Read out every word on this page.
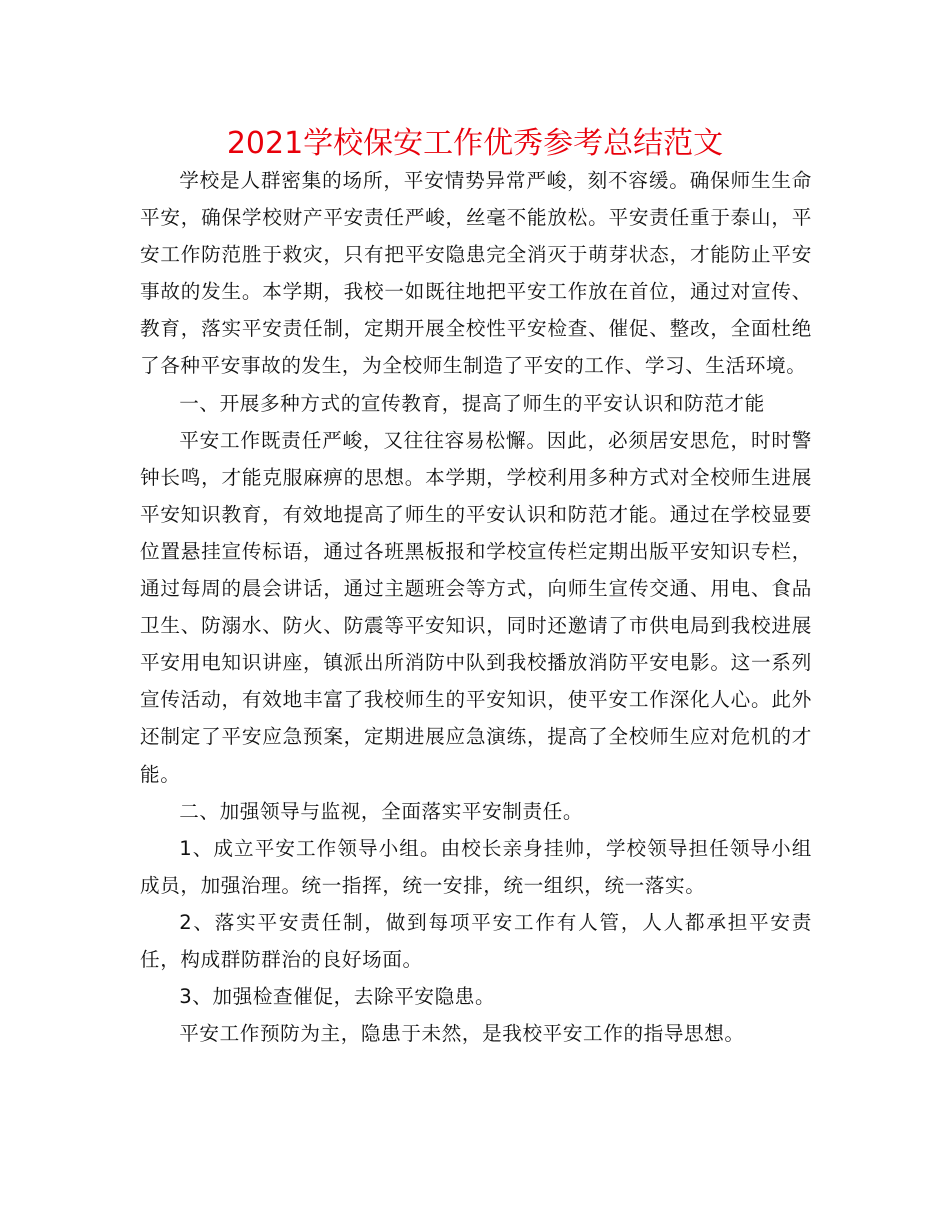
2021学校保安工作优秀参考总结范文

学校是人群密集的场所，平安情势异常严峻，刻不容缓。确保师生生命平安，确保学校财产平安责任严峻，丝毫不能放松。平安责任重于泰山，平安工作防范胜于救灾，只有把平安隐患完全消灭于萌芽状态，才能防止平安事故的发生。本学期，我校一如既往地把平安工作放在首位，通过对宣传、教育，落实平安责任制，定期开展全校性平安检查、催促、整改，全面杜绝了各种平安事故的发生，为全校师生制造了平安的工作、学习、生活环境。

一、开展多种方式的宣传教育，提高了师生的平安认识和防范才能

平安工作既责任严峻，又往往容易松懈。因此，必须居安思危，时时警钟长鸣，才能克服麻痹的思想。本学期，学校利用多种方式对全校师生进展平安知识教育，有效地提高了师生的平安认识和防范才能。通过在学校显要位置悬挂宣传标语，通过各班黑板报和学校宣传栏定期出版平安知识专栏，通过每周的晨会讲话，通过主题班会等方式，向师生宣传交通、用电、食品卫生、防溺水、防火、防震等平安知识，同时还邀请了市供电局到我校进展平安用电知识讲座，镇派出所消防中队到我校播放消防平安电影。这一系列宣传活动，有效地丰富了我校师生的平安知识，使平安工作深化人心。此外还制定了平安应急预案，定期进展应急演练，提高了全校师生应对危机的才能。

二、加强领导与监视，全面落实平安制责任。

1、成立平安工作领导小组。由校长亲身挂帅，学校领导担任领导小组成员，加强治理。统一指挥，统一安排，统一组织，统一落实。

2、落实平安责任制，做到每项平安工作有人管，人人都承担平安责任，构成群防群治的良好场面。

3、加强检查催促，去除平安隐患。

平安工作预防为主，隐患于未然，是我校平安工作的指导思想。
